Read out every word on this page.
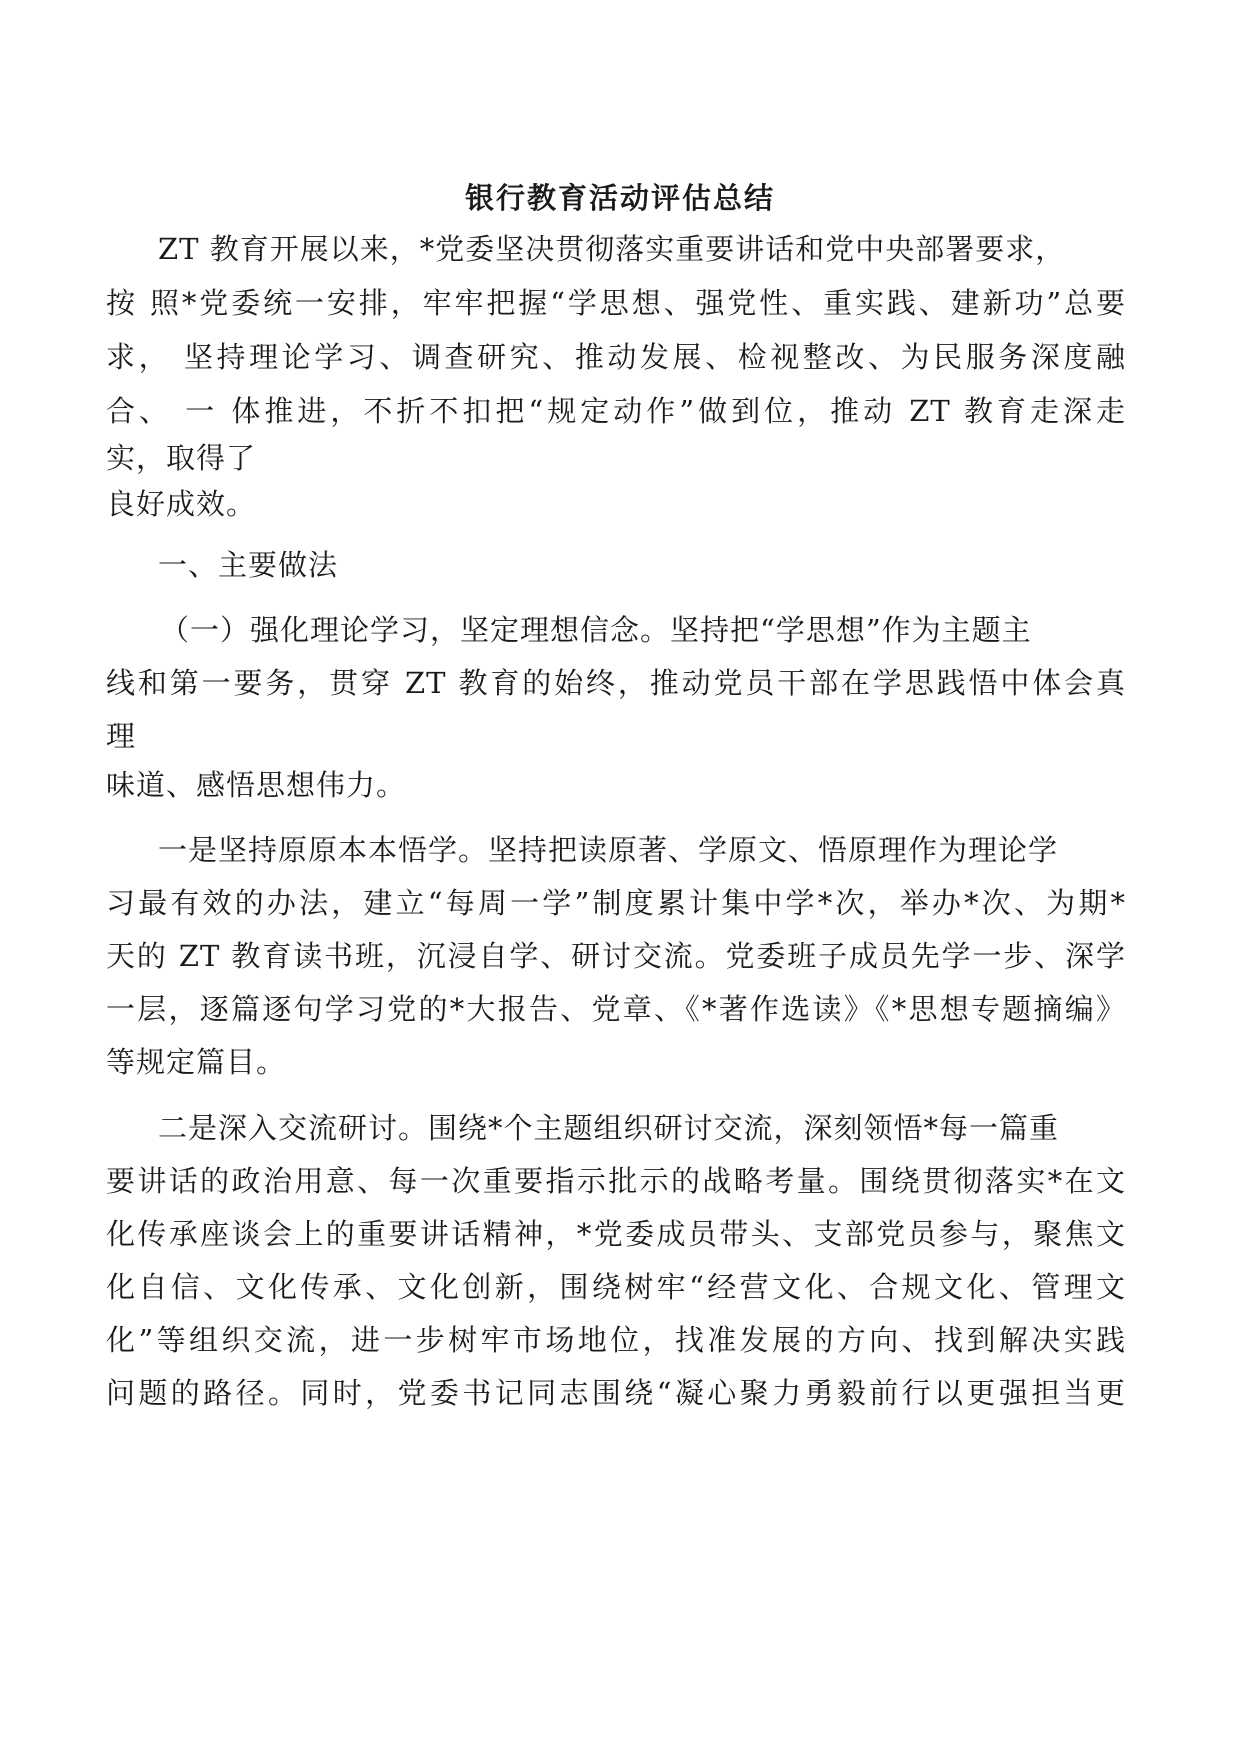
银行教育活动评估总结
ZT 教育开展以来，*党委坚决贯彻落实重要讲话和党中央部署要求，
按 照*党委统一安排，牢牢把握“学思想、强党性、重实践、建新功”总要
求， 坚持理论学习、调查研究、推动发展、检视整改、为民服务深度融
合、 一 体推进，不折不扣把“规定动作”做到位，推动 ZT 教育走深走
实，取得了
良好成效。
一、主要做法
（一）强化理论学习，坚定理想信念。坚持把“学思想”作为主题主
线和第一要务，贯穿 ZT 教育的始终，推动党员干部在学思践悟中体会真
理
味道、感悟思想伟力。
一是坚持原原本本悟学。坚持把读原著、学原文、悟原理作为理论学
习最有效的办法，建立“每周一学”制度累计集中学*次，举办*次、为期*
天的 ZT 教育读书班，沉浸自学、研讨交流。党委班子成员先学一步、深学
一层，逐篇逐句学习党的*大报告、党章、《*著作选读》《*思想专题摘编》
等规定篇目。
二是深入交流研讨。围绕*个主题组织研讨交流，深刻领悟*每一篇重
要讲话的政治用意、每一次重要指示批示的战略考量。围绕贯彻落实*在文
化传承座谈会上的重要讲话精神，*党委成员带头、支部党员参与，聚焦文
化自信、文化传承、文化创新，围绕树牢“经营文化、合规文化、管理文
化”等组织交流，进一步树牢市场地位，找准发展的方向、找到解决实践
问题的路径。同时，党委书记同志围绕“凝心聚力勇毅前行以更强担当更
